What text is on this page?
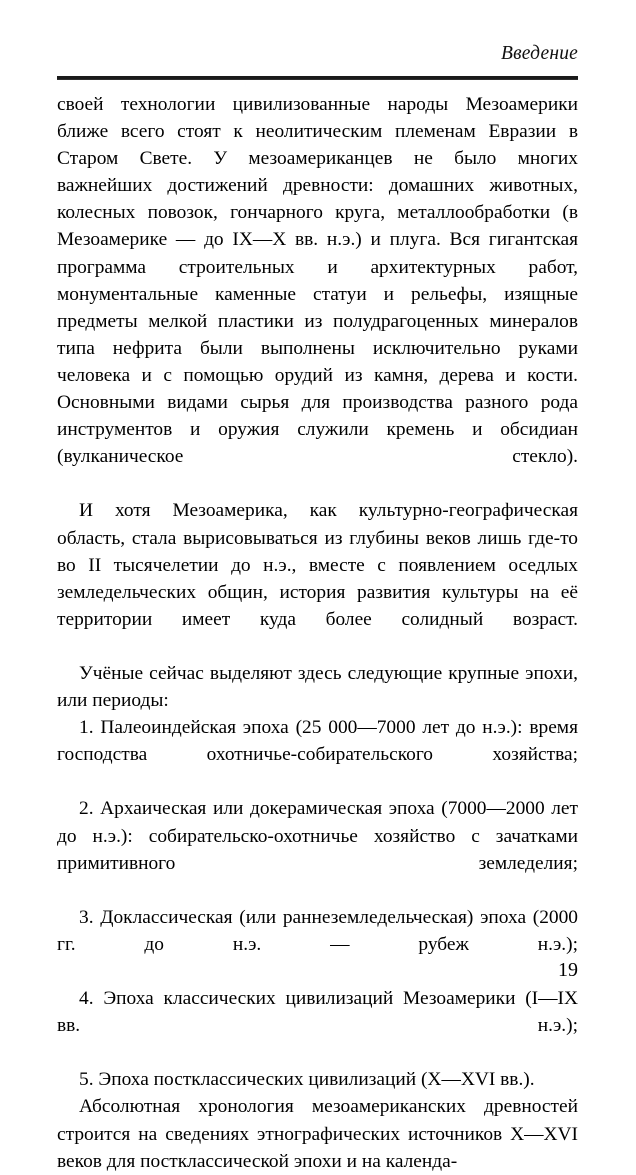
Введение

своей технологии цивилизованные народы Мезоамерики ближе всего стоят к неолитическим племенам Евразии в Старом Свете. У мезоамериканцев не было многих важнейших достижений древности: домашних животных, колесных повозок, гончарного круга, металлообработки (в Мезоамерике — до IX—X вв. н.э.) и плуга. Вся гигантская программа строительных и архитектурных работ, монументальные каменные статуи и рельефы, изящные предметы мелкой пластики из полудрагоценных минералов типа нефрита были выполнены исключительно руками человека и с помощью орудий из камня, дерева и кости. Основными видами сырья для производства разного рода инструментов и оружия служили кремень и обсидиан (вулканическое стекло).

И хотя Мезоамерика, как культурно-географическая область, стала вырисовываться из глубины веков лишь где-то во II тысячелетии до н.э., вместе с появлением оседлых земледельческих общин, история развития культуры на её территории имеет куда более солидный возраст.

Учёные сейчас выделяют здесь следующие крупные эпохи, или периоды:

1. Палеоиндейская эпоха (25 000—7000 лет до н.э.): время господства охотничье-собирательского хозяйства;

2. Архаическая или докерамическая эпоха (7000—2000 лет до н.э.): собирательско-охотничье хозяйство с зачатками примитивного земледелия;

3. Доклассическая (или раннеземледельческая) эпоха (2000 гг. до н.э. — рубеж н.э.);

4. Эпоха классических цивилизаций Мезоамерики (I—IX вв. н.э.);

5. Эпоха постклассических цивилизаций (X—XVI вв.).

Абсолютная хронология мезоамериканских древностей строится на сведениях этнографических источников X—XVI веков для постклассической эпохи и на календа-

19
